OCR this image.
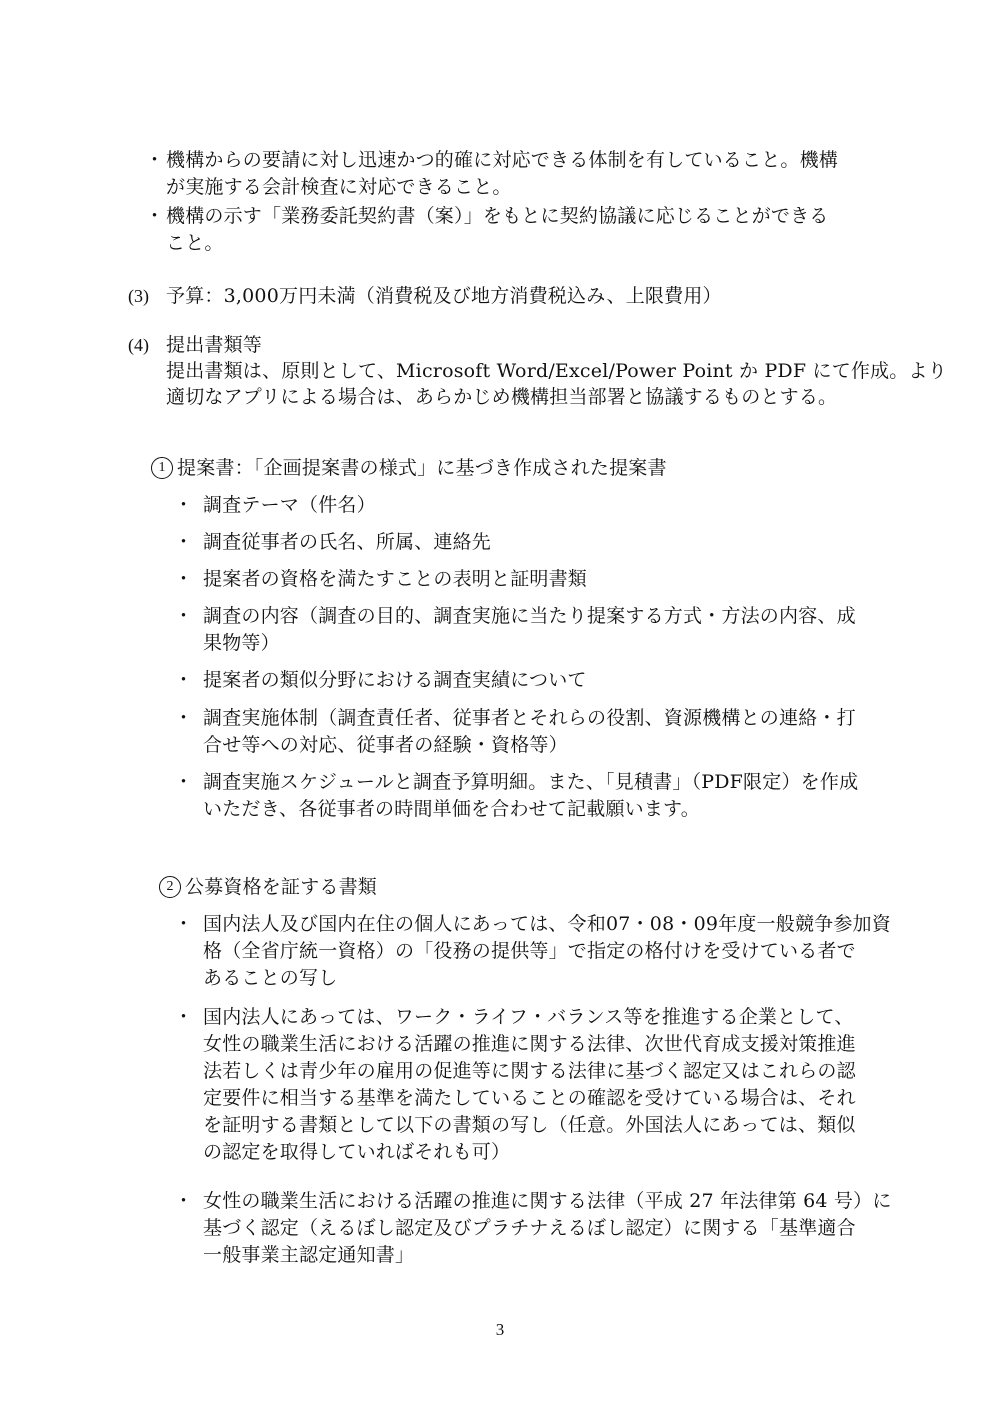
・ 機構からの要請に対し迅速かつ的確に対応できる体制を有していること。機構
が実施する会計検査に対応できること。
・ 機構の示す「業務委託契約書（案）」をもとに契約協議に応じることができる
こと。
(3) 予算：3,000万円未満（消費税及び地方消費税込み、上限費用）
(4) 提出書類等
提出書類は、原則として、Microsoft Word/Excel/Power Point か PDF にて作成。より
適切なアプリによる場合は、あらかじめ機構担当部署と協議するものとする。
1 提案書：「企画提案書の様式」に基づき作成された提案書
・ 調査テーマ（件名）
・ 調査従事者の氏名、所属、連絡先
・ 提案者の資格を満たすことの表明と証明書類
・ 調査の内容（調査の目的、調査実施に当たり提案する方式・方法の内容、成
果物等）
・ 提案者の類似分野における調査実績について
・ 調査実施体制（調査責任者、従事者とそれらの役割、資源機構との連絡・打
合せ等への対応、従事者の経験・資格等）
・ 調査実施スケジュールと調査予算明細。また、「見積書」（PDF限定）を作成
いただき、各従事者の時間単価を合わせて記載願います。
2 公募資格を証する書類
・ 国内法人及び国内在住の個人にあっては、令和07・08・09年度一般競争参加資
格（全省庁統一資格）の「役務の提供等」で指定の格付けを受けている者で
あることの写し
・ 国内法人にあっては、ワーク・ライフ・バランス等を推進する企業として、
女性の職業生活における活躍の推進に関する法律、次世代育成支援対策推進
法若しくは青少年の雇用の促進等に関する法律に基づく認定又はこれらの認
定要件に相当する基準を満たしていることの確認を受けている場合は、それ
を証明する書類として以下の書類の写し（任意。外国法人にあっては、類似
の認定を取得していればそれも可）
・ 女性の職業生活における活躍の推進に関する法律（平成 27 年法律第 64 号）に
基づく認定（えるぼし認定及びプラチナえるぼし認定）に関する「基準適合
一般事業主認定通知書」
3
